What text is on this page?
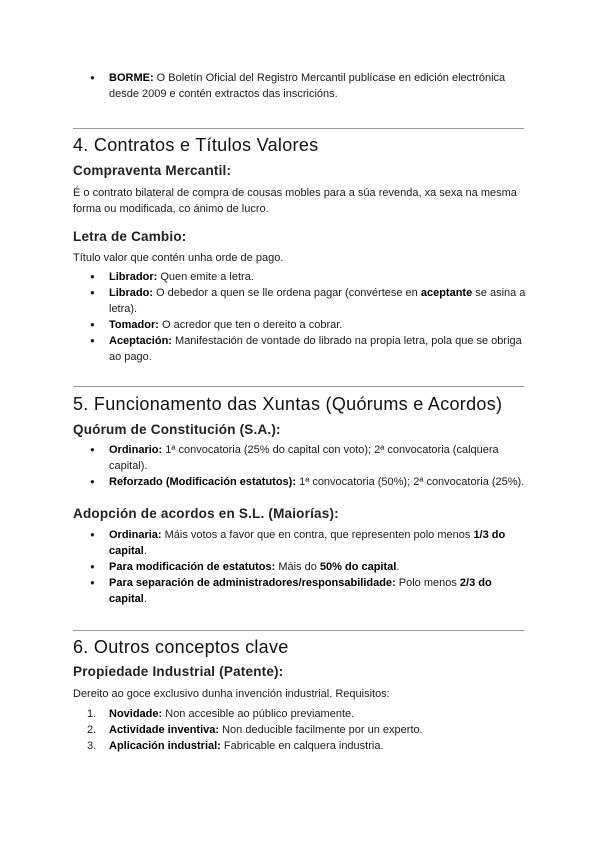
● BORME: O Boletín Oficial del Registro Mercantil publícase en edición electrónica desde 2009 e contén extractos das inscricións.
4. Contratos e Títulos Valores
Compraventa Mercantil:

É o contrato bilateral de compra de cousas mobles para a súa revenda, xa sexa na mesma forma ou modificada, co ánimo de lucro.

Letra de Cambio:

Título valor que contén unha orde de pago.

● Librador: Quen emite a letra.
● Librado: O debedor a quen se lle ordena pagar (convértese en aceptante se asina a letra).
● Tomador: O acredor que ten o dereito a cobrar.
● Aceptación: Manifestación de vontade do librado na propia letra, pola que se obriga ao pago.
5. Funcionamento das Xuntas (Quórums e Acordos)
Quórum de Constitución (S.A.):
● Ordinario: 1ª convocatoria (25% do capital con voto); 2ª convocatoria (calquera capital).
● Reforzado (Modificación estatutos): 1ª convocatoria (50%); 2ª convocatoria (25%).
Adopción de acordos en S.L. (Maiorías):
● Ordinaria: Máis votos a favor que en contra, que representen polo menos 1/3 do capital.
● Para modificación de estatutos: Máis do 50% do capital.
● Para separación de administradores/responsabilidade: Polo menos 2/3 do capital.
6. Outros conceptos clave
Propiedade Industrial (Patente):

Dereito ao goce exclusivo dunha invención industrial. Requisitos:

1. Novidade: Non accesible ao público previamente.
2. Actividade inventiva: Non deducible facilmente por un experto.
3. Aplicación industrial: Fabricable en calquera industria.
